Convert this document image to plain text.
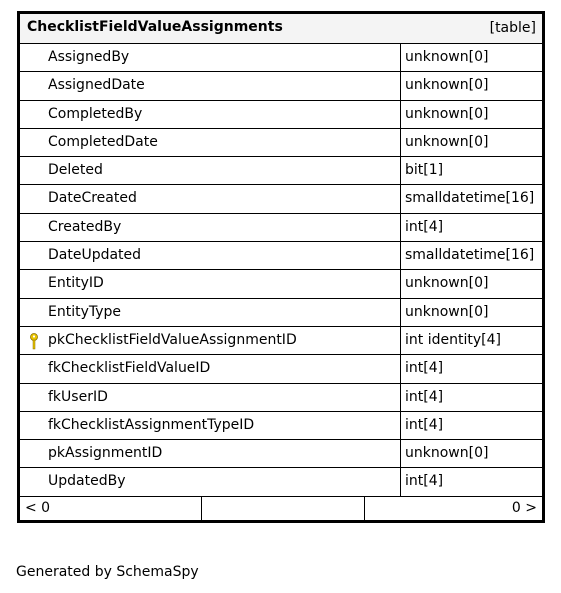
ChecklistFieldValueAssignments	[table]
AssignedBy	unknown[0]
AssignedDate	unknown[0]
CompletedBy	unknown[0]
CompletedDate	unknown[0]
Deleted	bit[1]
DateCreated	smalldatetime[16]
CreatedBy	int[4]
DateUpdated	smalldatetime[16]
EntityID	unknown[0]
EntityType	unknown[0]
pkChecklistFieldValueAssignmentID	int identity[4]
fkChecklistFieldValueID	int[4]
fkUserID	int[4]
fkChecklistAssignmentTypeID	int[4]
pkAssignmentID	unknown[0]
UpdatedBy	int[4]
< 0	0 >
Generated by SchemaSpy
